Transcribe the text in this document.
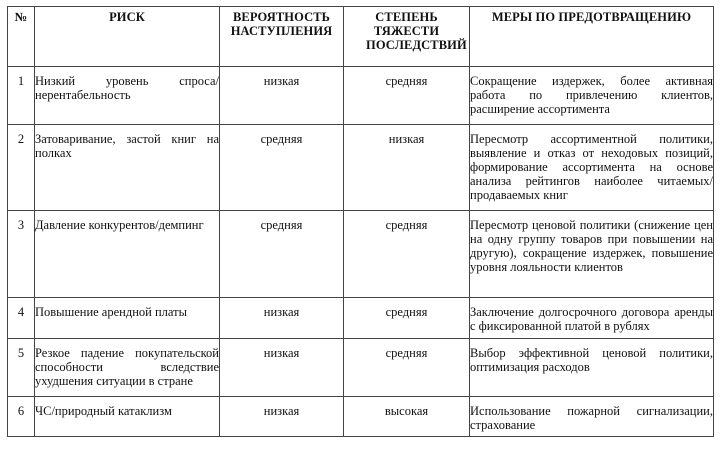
№	РИСК	ВЕРОЯТНОСТЬ НАСТУПЛЕНИЯ	СТЕПЕНЬ ТЯЖЕСТИ ПОСЛЕДСТВИЙ	МЕРЫ ПО ПРЕДОТВРАЩЕНИЮ
1	Низкий уровень спроса/нерентабельность	низкая	средняя	Сокращение издержек, более активная работа по привлечению клиентов, расширение ассортимента
2	Затоваривание, застой книг на полках	средняя	низкая	Пересмотр ассортиментной политики, выявление и отказ от неходовых позиций, формирование ассортимента на основе анализа рейтингов наиболее читаемых/продаваемых книг
3	Давление конкурентов/демпинг	средняя	средняя	Пересмотр ценовой политики (снижение цен на одну группу товаров при повышении на другую), сокращение издержек, повышение уровня лояльности клиентов
4	Повышение арендной платы	низкая	средняя	Заключение долгосрочного договора аренды с фиксированной платой в рублях
5	Резкое падение покупательской способности вследствие ухудшения ситуации в стране	низкая	средняя	Выбор эффективной ценовой политики, оптимизация расходов
6	ЧС/природный катаклизм	низкая	высокая	Использование пожарной сигнализации, страхование
